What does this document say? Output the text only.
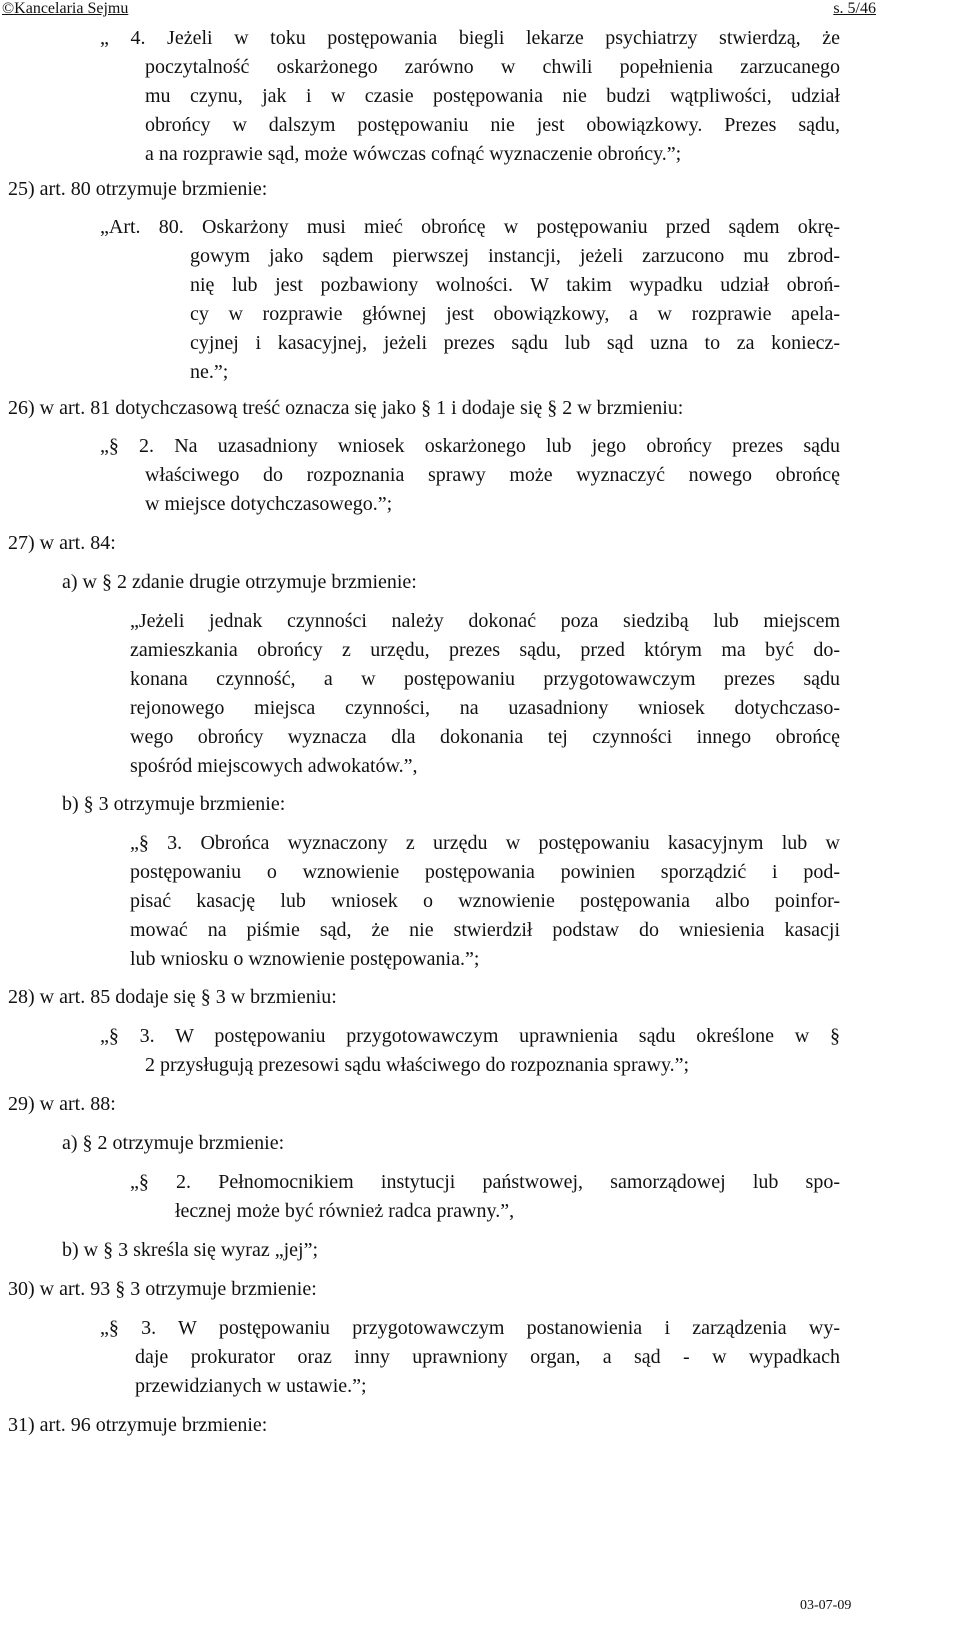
©Kancelaria Sejmu	s. 5/46
„ 4. Jeżeli w toku postępowania biegli lekarze psychiatrzy stwierdzą, że
poczytalność oskarżonego zarówno w chwili popełnienia zarzucanego
mu czynu, jak i w czasie postępowania nie budzi wątpliwości, udział
obrońcy w dalszym postępowaniu nie jest obowiązkowy. Prezes sądu,
a na rozprawie sąd, może wówczas cofnąć wyznaczenie obrońcy.”;
25) art. 80 otrzymuje brzmienie:
„Art. 80. Oskarżony musi mieć obrońcę w postępowaniu przed sądem okrę-
gowym jako sądem pierwszej instancji, jeżeli zarzucono mu zbrod-
nię lub jest pozbawiony wolności. W takim wypadku udział obroń-
cy w rozprawie głównej jest obowiązkowy, a w rozprawie apela-
cyjnej i kasacyjnej, jeżeli prezes sądu lub sąd uzna to za koniecz-
ne.”;
26) w art. 81 dotychczasową treść oznacza się jako § 1 i dodaje się § 2 w brzmieniu:
„§ 2. Na uzasadniony wniosek oskarżonego lub jego obrońcy prezes sądu
właściwego do rozpoznania sprawy może wyznaczyć nowego obrońcę
w miejsce dotychczasowego.”;
27) w art. 84:
a) w § 2 zdanie drugie otrzymuje brzmienie:
„Jeżeli jednak czynności należy dokonać poza siedzibą lub miejscem
zamieszkania obrońcy z urzędu, prezes sądu, przed którym ma być do-
konana czynność, a w postępowaniu przygotowawczym prezes sądu
rejonowego miejsca czynności, na uzasadniony wniosek dotychczaso-
wego obrońcy wyznacza dla dokonania tej czynności innego obrońcę
spośród miejscowych adwokatów.”,
b) § 3 otrzymuje brzmienie:
„§ 3. Obrońca wyznaczony z urzędu w postępowaniu kasacyjnym lub w
postępowaniu o wznowienie postępowania powinien sporządzić i pod-
pisać kasację lub wniosek o wznowienie postępowania albo poinfor-
mować na piśmie sąd, że nie stwierdził podstaw do wniesienia kasacji
lub wniosku o wznowienie postępowania.”;
28) w art. 85 dodaje się § 3 w brzmieniu:
„§ 3. W postępowaniu przygotowawczym uprawnienia sądu określone w §
2 przysługują prezesowi sądu właściwego do rozpoznania sprawy.”;
29) w art. 88:
a) § 2 otrzymuje brzmienie:
„§ 2. Pełnomocnikiem instytucji państwowej, samorządowej lub spo-
łecznej może być również radca prawny.”,
b) w § 3 skreśla się wyraz „jej”;
30) w art. 93 § 3 otrzymuje brzmienie:
„§ 3. W postępowaniu przygotowawczym postanowienia i zarządzenia wy-
daje prokurator oraz inny uprawniony organ, a sąd - w wypadkach
przewidzianych w ustawie.”;
31) art. 96 otrzymuje brzmienie:
03-07-09
